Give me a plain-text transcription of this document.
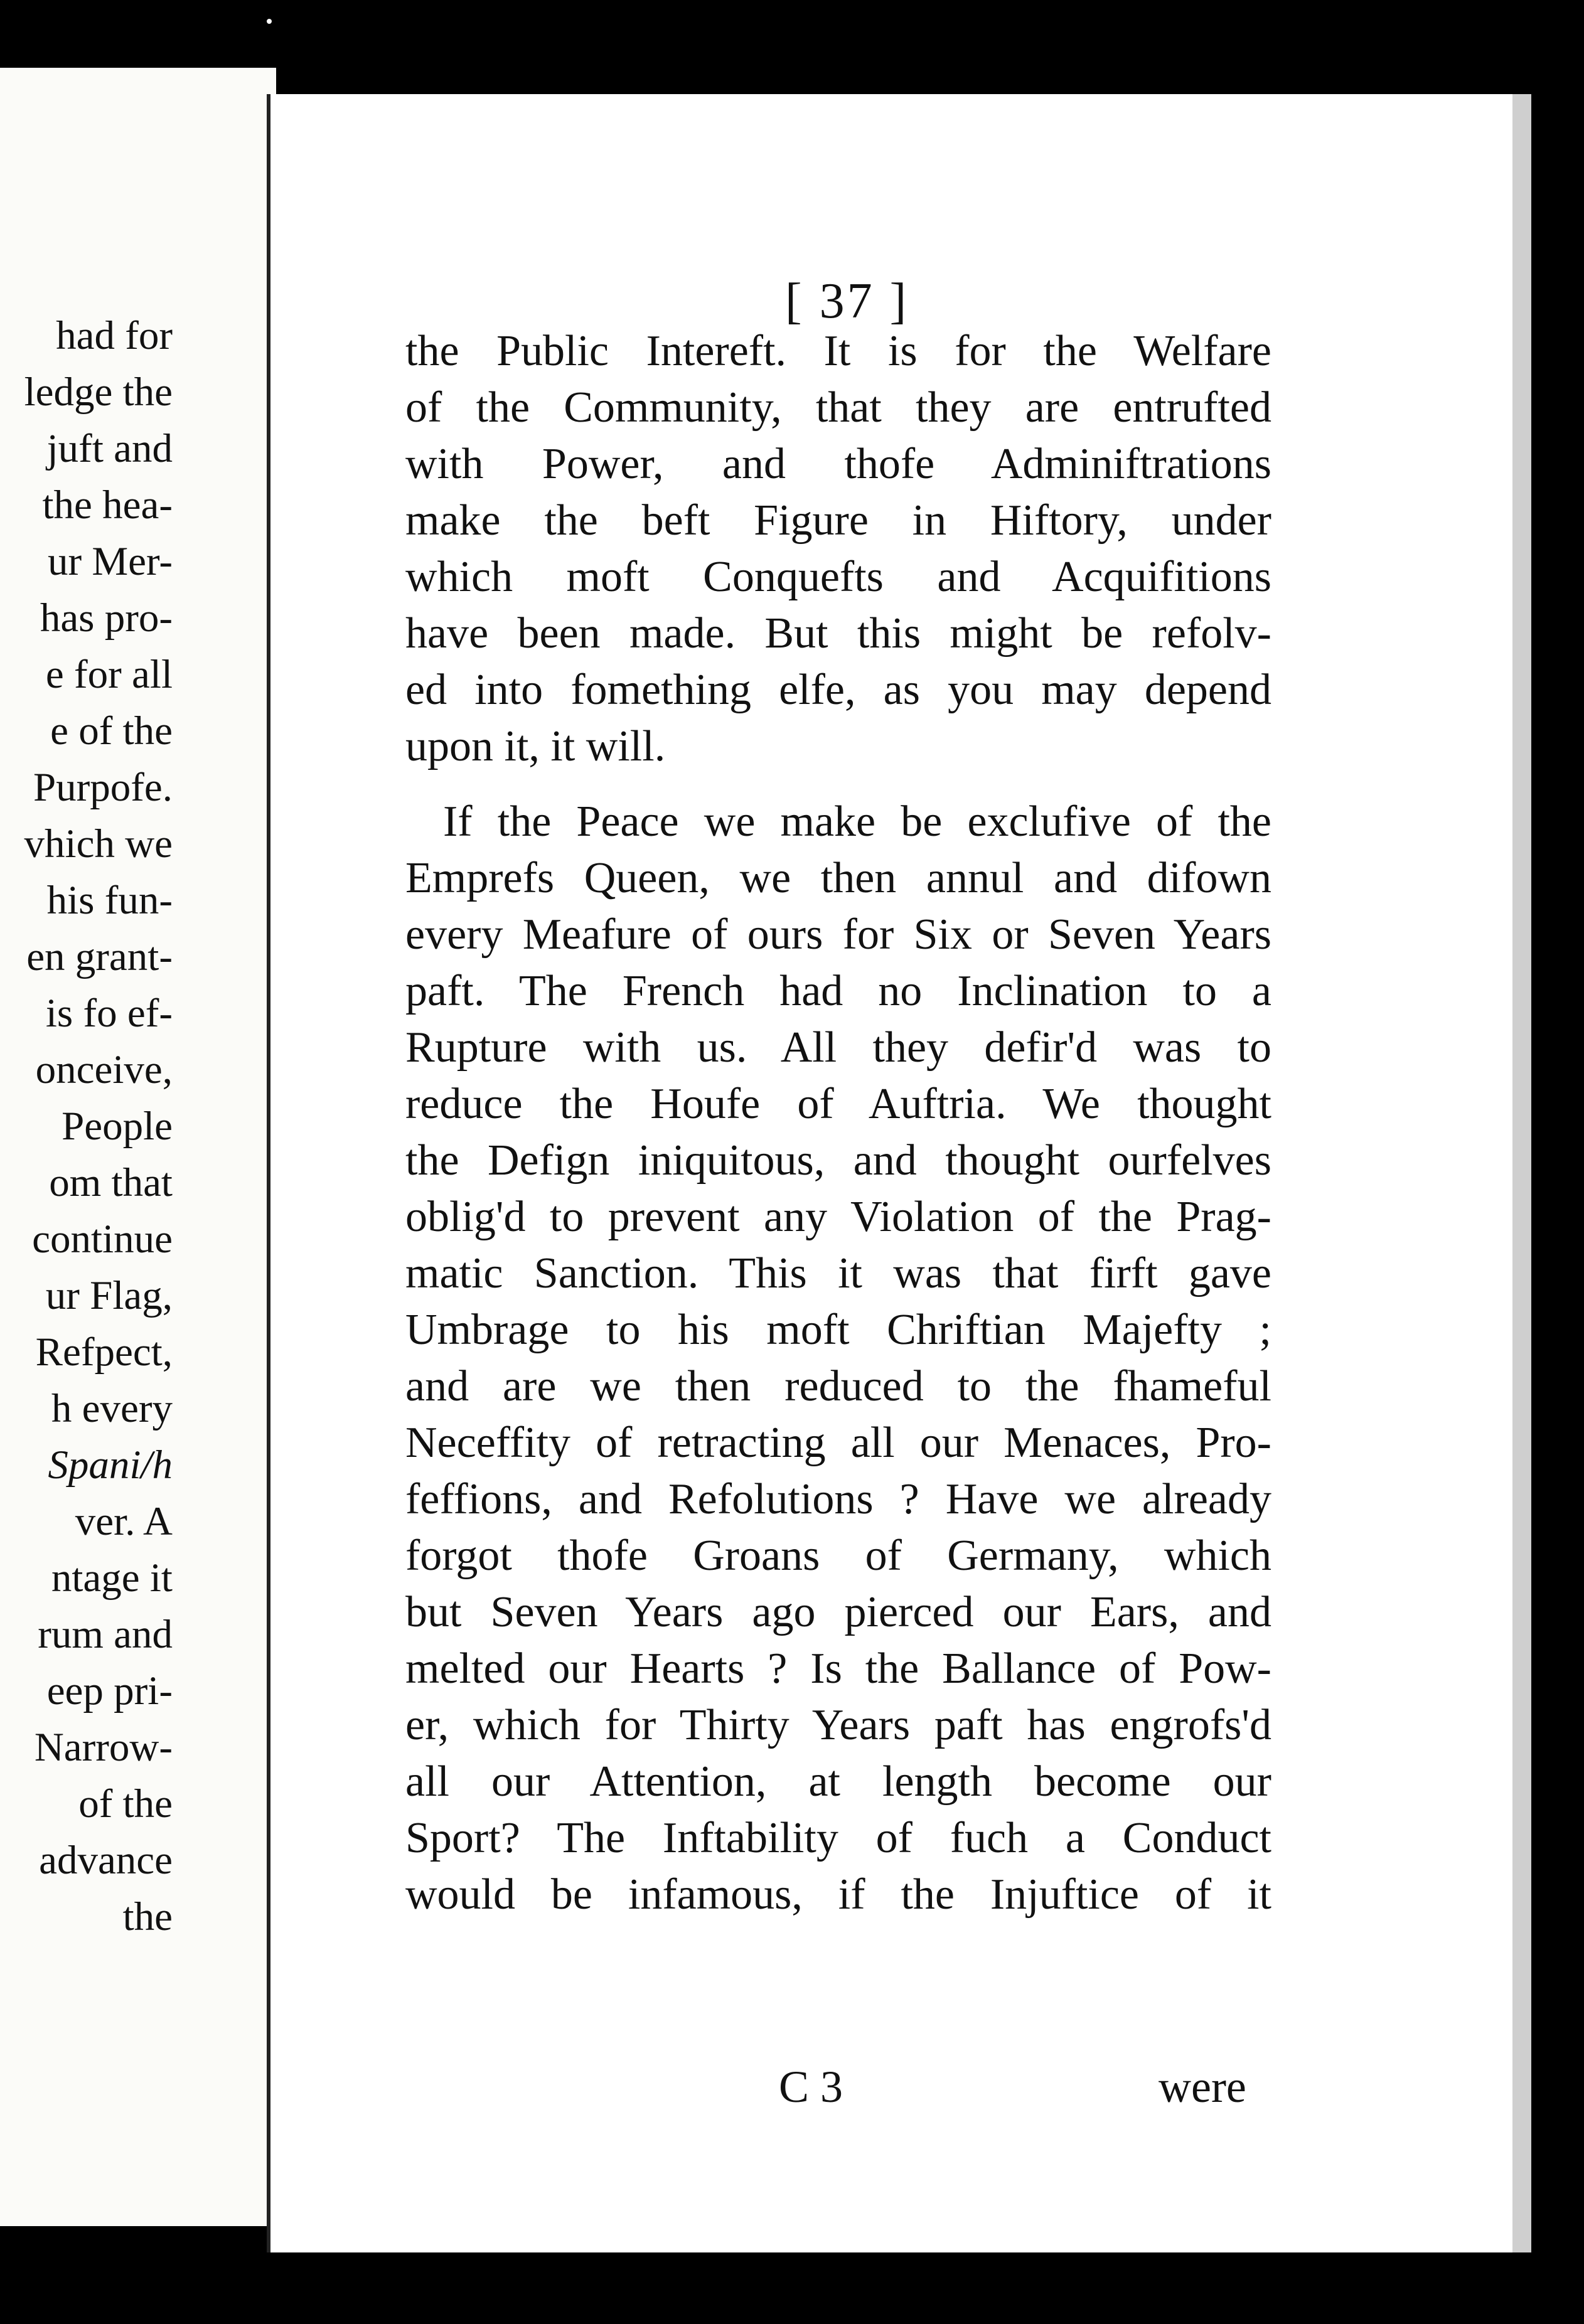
had for
ledge the
juft and
the hea-
ur Mer-
has pro-
e for all
e of the
Purpofe.
vhich we
his fun-
en grant-
is fo ef-
onceive,
People
om that
continue
ur Flag,
Refpect,
h every
Spani/h
ver. A
ntage it
rum and
eep pri-
Narrow-
of the
advance
the
[ 37 ]
the Public Intereft. It is for the Welfare
of the Community, that they are entrufted
with Power, and thofe Adminiftrations
make the beft Figure in Hiftory, under
which moft Conquefts and Acquifitions
have been made. But this might be refolv-
ed into fomething elfe, as you may depend
upon it, it will.
If the Peace we make be exclufive of the
Emprefs Queen, we then annul and difown
every Meafure of ours for Six or Seven Years
paft. The French had no Inclination to a
Rupture with us. All they defir'd was to
reduce the Houfe of Auftria. We thought
the Defign iniquitous, and thought ourfelves
oblig'd to prevent any Violation of the Prag-
matic Sanction. This it was that firft gave
Umbrage to his moft Chriftian Majefty ;
and are we then reduced to the fhameful
Neceffity of retracting all our Menaces, Pro-
feffions, and Refolutions ? Have we already
forgot thofe Groans of Germany, which
but Seven Years ago pierced our Ears, and
melted our Hearts ? Is the Ballance of Pow-
er, which for Thirty Years paft has engrofs'd
all our Attention, at length become our
Sport? The Inftability of fuch a Conduct
would be infamous, if the Injuftice of it
C 3	were
